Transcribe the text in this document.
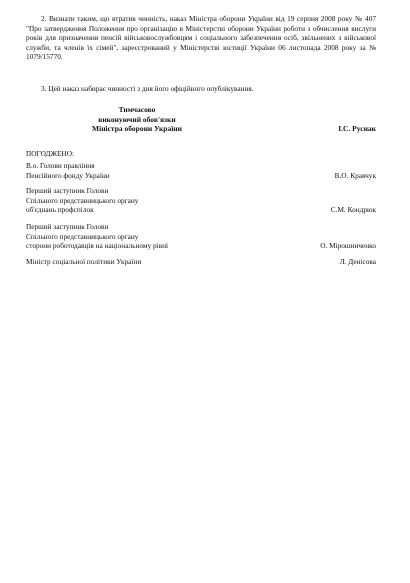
2. Визнати таким, що втратив чинність, наказ Міністра оборони України від 19 серпня 2008 року № 407 "Про затвердження Положення про організацію в Міністерстві оборони України роботи з обчислення вислуги років для призначення пенсій військовослужбовцям і соціального забезпечення осіб, звільнених з військової служби, та членів їх сімей", зареєстрований у Міністерстві юстиції України 06 листопада 2008 року за № 1079/15770.

3. Цей наказ набирає чинності з дня його офіційного опублікування.

Тимчасово
виконуючий обов'язки
Міністра оборони України	І.С. Руснак
ПОГОДЖЕНО:
В.о. Голови правління
Пенсійного фонду України	В.О. Кравчук
Перший заступник Голови
Спільного представницького органу
об'єднань профспілок	С.М. Кондрюк
Перший заступник Голови
Спільного представницького органу
сторони роботодавців на національному рівні	О. Мірошниченко
Міністр соціальної політики України	Л. Денісова
